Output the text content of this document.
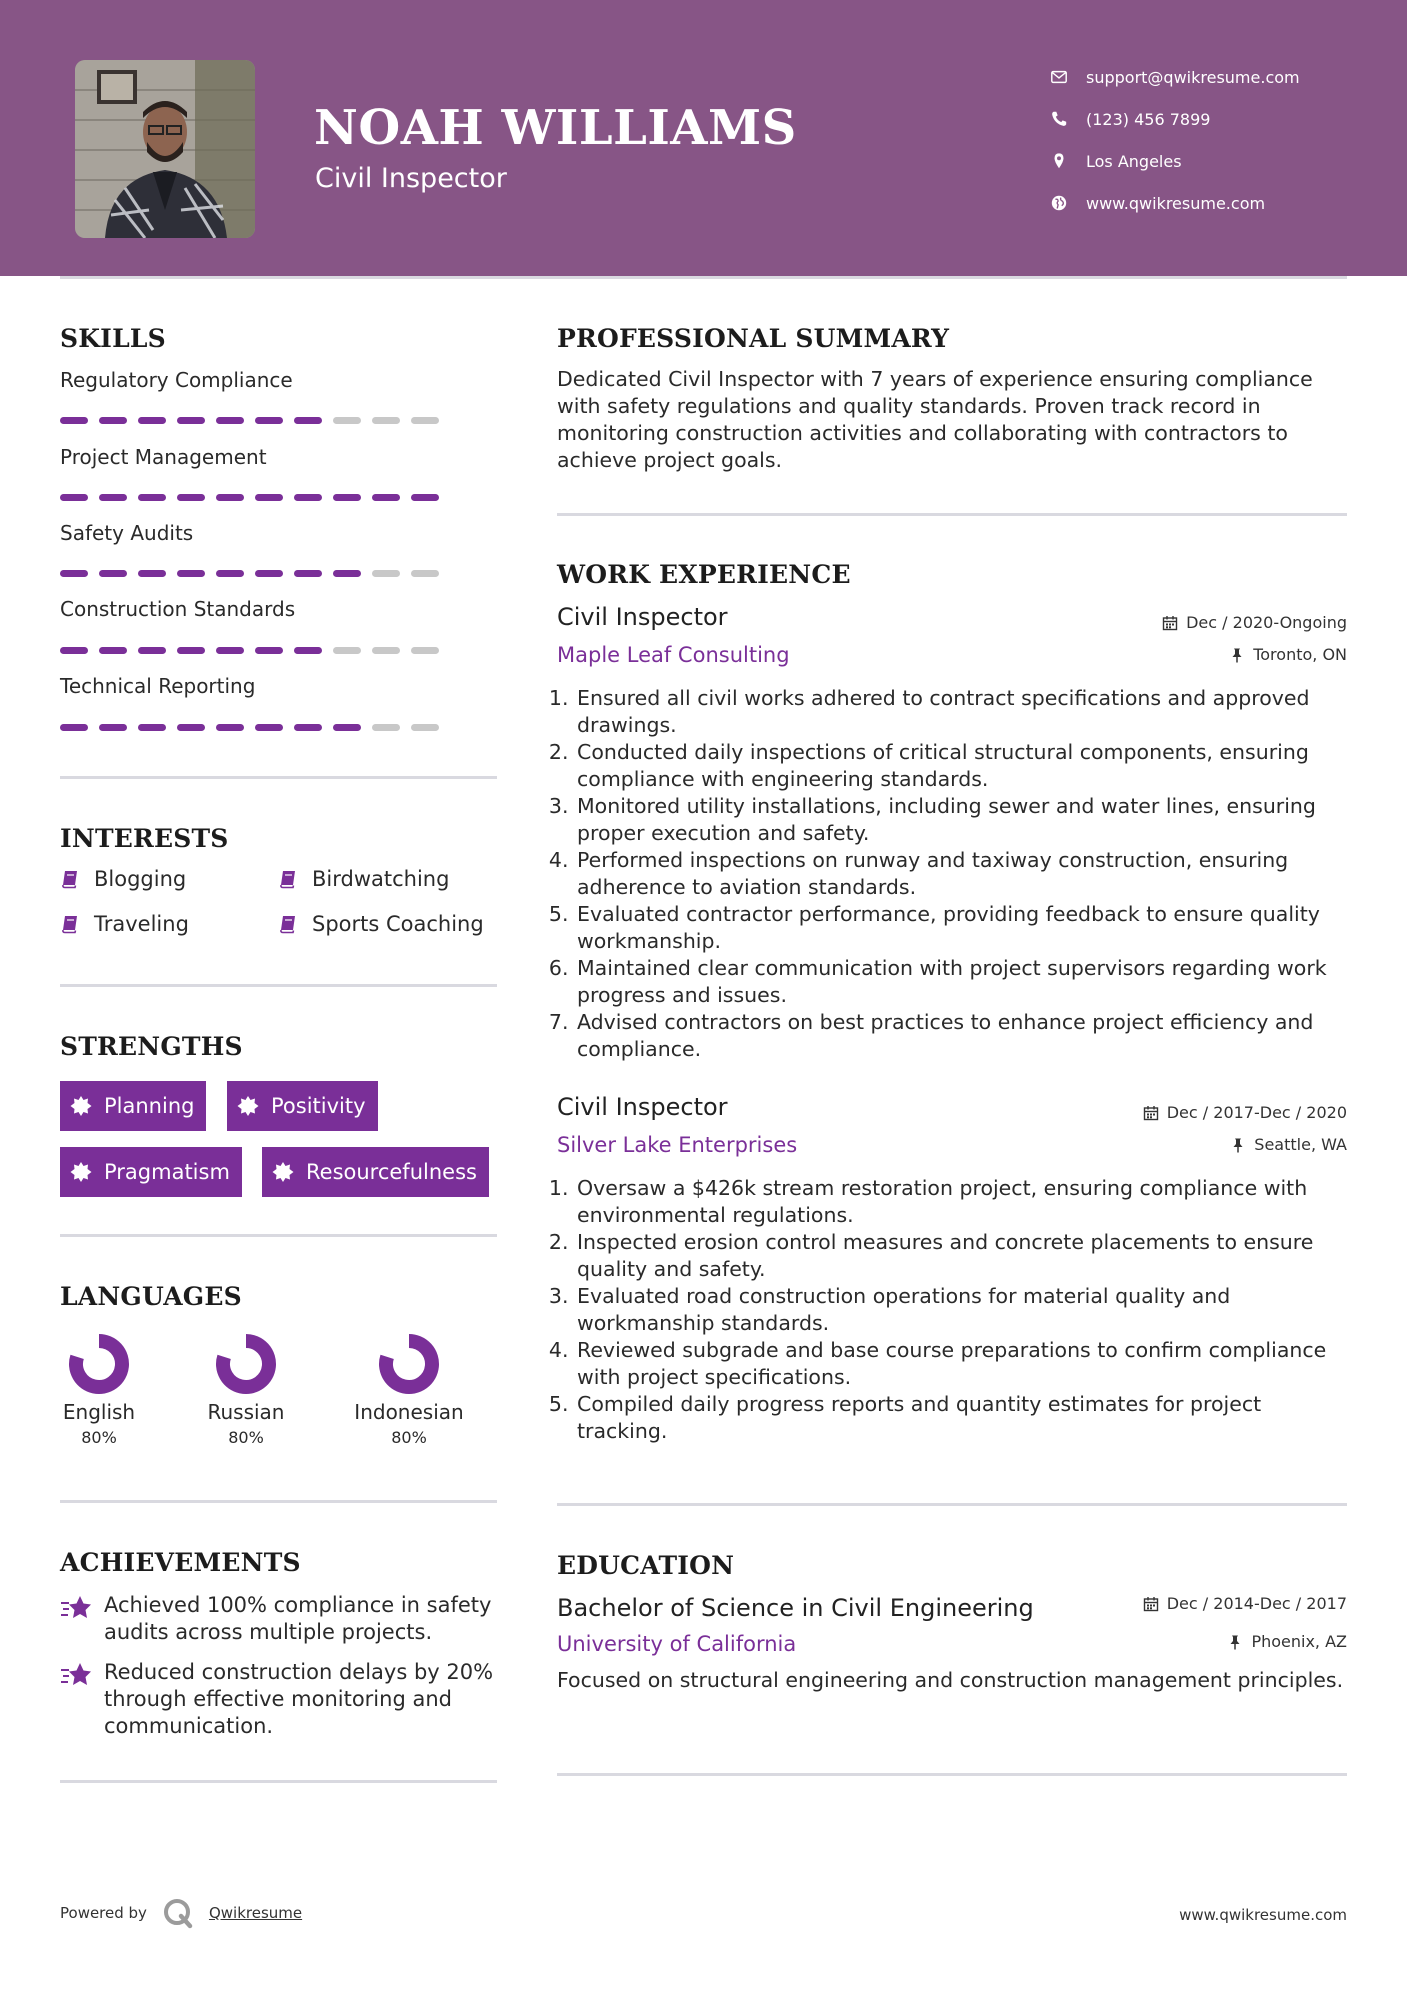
NOAH WILLIAMS
Civil Inspector
support@qwikresume.com
(123) 456 7899
Los Angeles
www.qwikresume.com
SKILLS
Regulatory Compliance
Project Management
Safety Audits
Construction Standards
Technical Reporting
INTERESTS
Blogging	Birdwatching
Traveling	Sports Coaching
STRENGTHS
Planning	Positivity
Pragmatism	Resourcefulness
LANGUAGES
English
80%
Russian
80%
Indonesian
80%
ACHIEVEMENTS
Achieved 100% compliance in safety audits across multiple projects.
Reduced construction delays by 20% through effective monitoring and communication.
PROFESSIONAL SUMMARY
Dedicated Civil Inspector with 7 years of experience ensuring compliance with safety regulations and quality standards. Proven track record in monitoring construction activities and collaborating with contractors to achieve project goals.
WORK EXPERIENCE
Civil Inspector	Dec / 2020-Ongoing
Maple Leaf Consulting	Toronto, ON
1. Ensured all civil works adhered to contract specifications and approved drawings.
2. Conducted daily inspections of critical structural components, ensuring compliance with engineering standards.
3. Monitored utility installations, including sewer and water lines, ensuring proper execution and safety.
4. Performed inspections on runway and taxiway construction, ensuring adherence to aviation standards.
5. Evaluated contractor performance, providing feedback to ensure quality workmanship.
6. Maintained clear communication with project supervisors regarding work progress and issues.
7. Advised contractors on best practices to enhance project efficiency and compliance.
Civil Inspector	Dec / 2017-Dec / 2020
Silver Lake Enterprises	Seattle, WA
1. Oversaw a $426k stream restoration project, ensuring compliance with environmental regulations.
2. Inspected erosion control measures and concrete placements to ensure quality and safety.
3. Evaluated road construction operations for material quality and workmanship standards.
4. Reviewed subgrade and base course preparations to confirm compliance with project specifications.
5. Compiled daily progress reports and quantity estimates for project tracking.
EDUCATION
Bachelor of Science in Civil Engineering	Dec / 2014-Dec / 2017
University of California	Phoenix, AZ
Focused on structural engineering and construction management principles.
Powered by	Qwikresume	www.qwikresume.com
